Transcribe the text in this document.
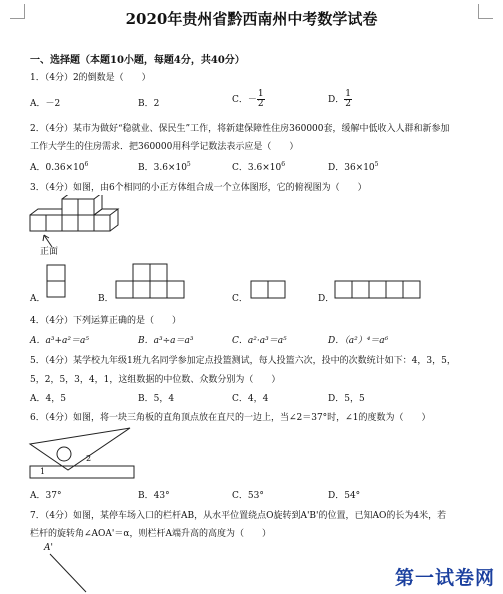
2020年贵州省黔西南州中考数学试卷
一、选择题（本题10小题，每题4分，共40分）
1．（4分）2的倒数是（　　）
A．－2	B．2	C．－ $\frac{1}{2}$	D． $\frac{1}{2}$
2．（4分）某市为做好“稳就业、保民生”工作，将新建保障性住房360000套，缓解中低收入人群和新参加
工作大学生的住房需求．把360000用科学记数法表示应是（　　）
A．$0.36\times 10^6$	B．$3.6\times 10^5$	C．$3.6\times 10^6$	D．$36\times 10^5$
3．（4分）如图，由6个相同的小正方体组合成一个立体图形，它的俯视图为（　　）
正面
A．	B．	C．	D．
4．（4分）下列运算正确的是（　　）
A．a³+a²＝a⁵	B．a³÷a＝a³	C．a²·a³＝a⁵	D．（a²）⁴＝a⁶
5．（4分）某学校九年级1班九名同学参加定点投篮测试，每人投篮六次，投中的次数统计如下：4，3，5，
5，2，5，3，4，1，这组数据的中位数、众数分别为（　　）
A．4，5	B．5，4	C．4，4	D．5，5
6．（4分）如图，将一块三角板的直角顶点放在直尺的一边上，当∠2＝37°时，∠1的度数为（　　）
1
2
A．37°	B．43°	C．53°	D．54°
7．（4分）如图，某停车场入口的栏杆AB，从水平位置绕点O旋转到A'B'的位置，已知AO的长为4米，若
栏杆的旋转角∠AOA'＝α，则栏杆A端升高的高度为（　　）
A'
第一试卷网
